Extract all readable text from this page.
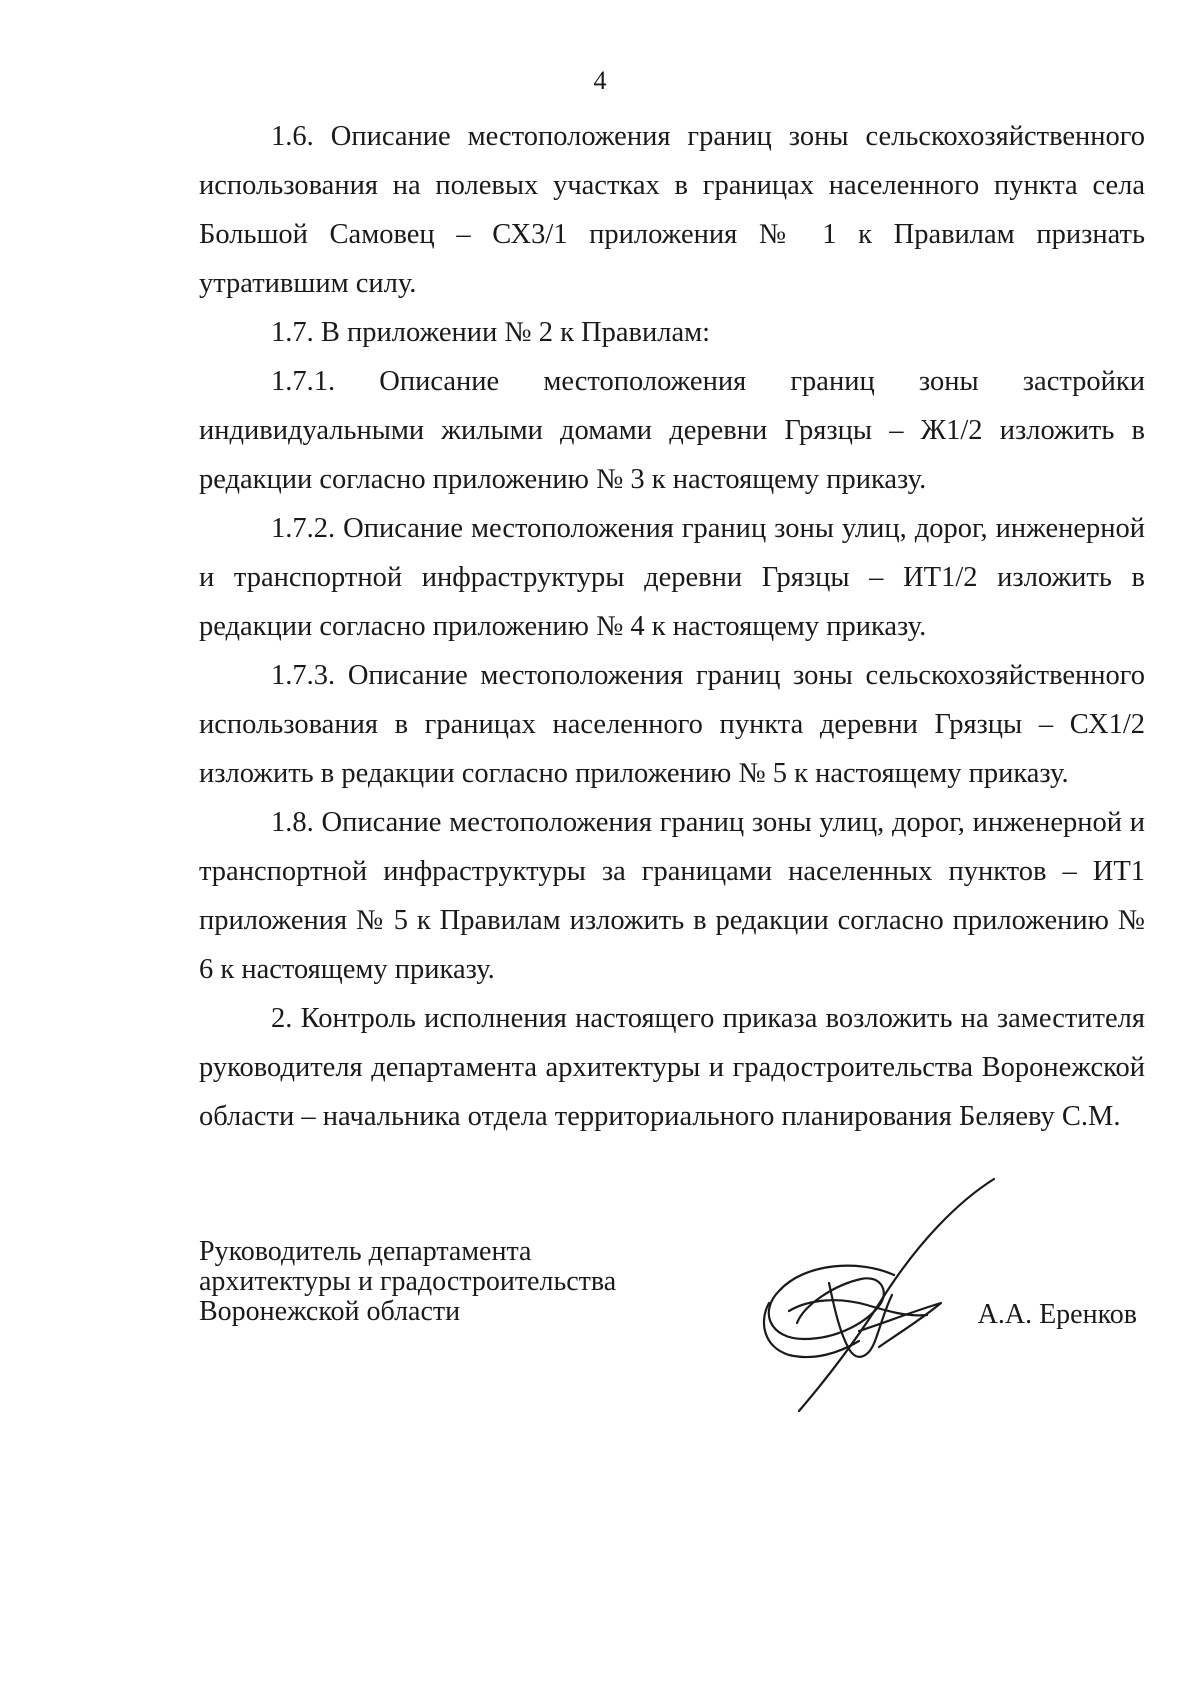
4

1.6. Описание местоположения границ зоны сельскохозяйственного использования на полевых участках в границах населенного пункта села Большой Самовец – СХ3/1 приложения № 1 к Правилам признать утратившим силу.

1.7. В приложении № 2 к Правилам:

1.7.1. Описание местоположения границ зоны застройки индивидуальными жилыми домами деревни Грязцы – Ж1/2 изложить в редакции согласно приложению № 3 к настоящему приказу.

1.7.2. Описание местоположения границ зоны улиц, дорог, инженерной и транспортной инфраструктуры деревни Грязцы – ИТ1/2 изложить в редакции согласно приложению № 4 к настоящему приказу.

1.7.3. Описание местоположения границ зоны сельскохозяйственного использования в границах населенного пункта деревни Грязцы – СХ1/2 изложить в редакции согласно приложению № 5 к настоящему приказу.

1.8. Описание местоположения границ зоны улиц, дорог, инженерной и транспортной инфраструктуры за границами населенных пунктов – ИТ1 приложения № 5 к Правилам изложить в редакции согласно приложению № 6 к настоящему приказу.

2. Контроль исполнения настоящего приказа возложить на заместителя руководителя департамента архитектуры и градостроительства Воронежской области – начальника отдела территориального планирования Беляеву С.М.

Руководитель департамента
архитектуры и градостроительства
Воронежской области	А.А. Еренков
